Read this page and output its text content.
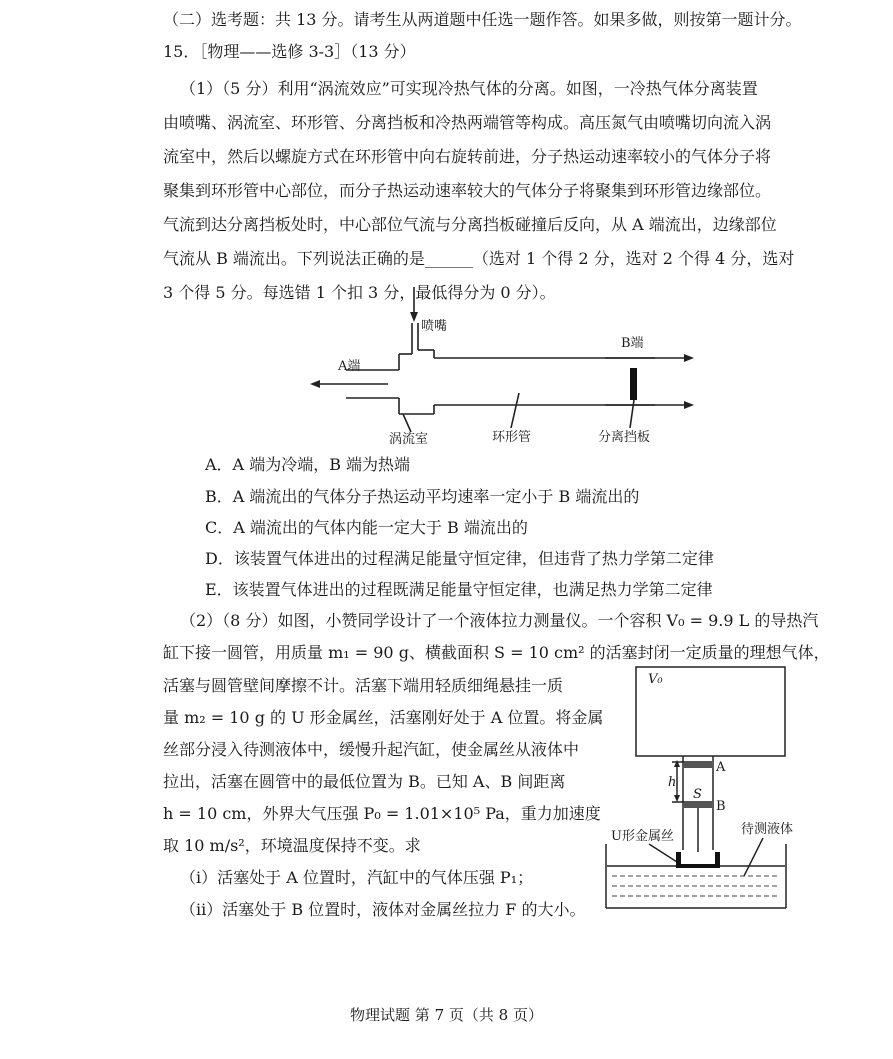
（二）选考题：共 13 分。请考生从两道题中任选一题作答。如果多做，则按第一题计分。
15．［物理——选修 3-3］（13 分）
（1）（5 分）利用“涡流效应”可实现冷热气体的分离。如图，一冷热气体分离装置
由喷嘴、涡流室、环形管、分离挡板和冷热两端管等构成。高压氮气由喷嘴切向流入涡
流室中，然后以螺旋方式在环形管中向右旋转前进，分子热运动速率较小的气体分子将
聚集到环形管中心部位，而分子热运动速率较大的气体分子将聚集到环形管边缘部位。
气流到达分离挡板处时，中心部位气流与分离挡板碰撞后反向，从 A 端流出，边缘部位
气流从 B 端流出。下列说法正确的是______（选对 1 个得 2 分，选对 2 个得 4 分，选对
3 个得 5 分。每选错 1 个扣 3 分，最低得分为 0 分）。
喷嘴
A端
B端
涡流室	环形管	分离挡板
A．A 端为冷端，B 端为热端
B．A 端流出的气体分子热运动平均速率一定小于 B 端流出的
C．A 端流出的气体内能一定大于 B 端流出的
D．该装置气体进出的过程满足能量守恒定律，但违背了热力学第二定律
E．该装置气体进出的过程既满足能量守恒定律，也满足热力学第二定律
（2）（8 分）如图，小赞同学设计了一个液体拉力测量仪。一个容积 V₀ = 9.9 L 的导热汽
缸下接一圆管，用质量 m₁ = 90 g、横截面积 S = 10 cm² 的活塞封闭一定质量的理想气体，
活塞与圆管壁间摩擦不计。活塞下端用轻质细绳悬挂一质
量 m₂ = 10 g 的 U 形金属丝，活塞刚好处于 A 位置。将金属
丝部分浸入待测液体中，缓慢升起汽缸，使金属丝从液体中
拉出，活塞在圆管中的最低位置为 B。已知 A、B 间距离
h = 10 cm，外界大气压强 P₀ = 1.01×10⁵ Pa，重力加速度
取 10 m/s²，环境温度保持不变。求
（i）活塞处于 A 位置时，汽缸中的气体压强 P₁；
（ii）活塞处于 B 位置时，液体对金属丝拉力 F 的大小。
V₀
A
B
h
S
U形金属丝	待测液体
物理试题 第 7 页（共 8 页）
